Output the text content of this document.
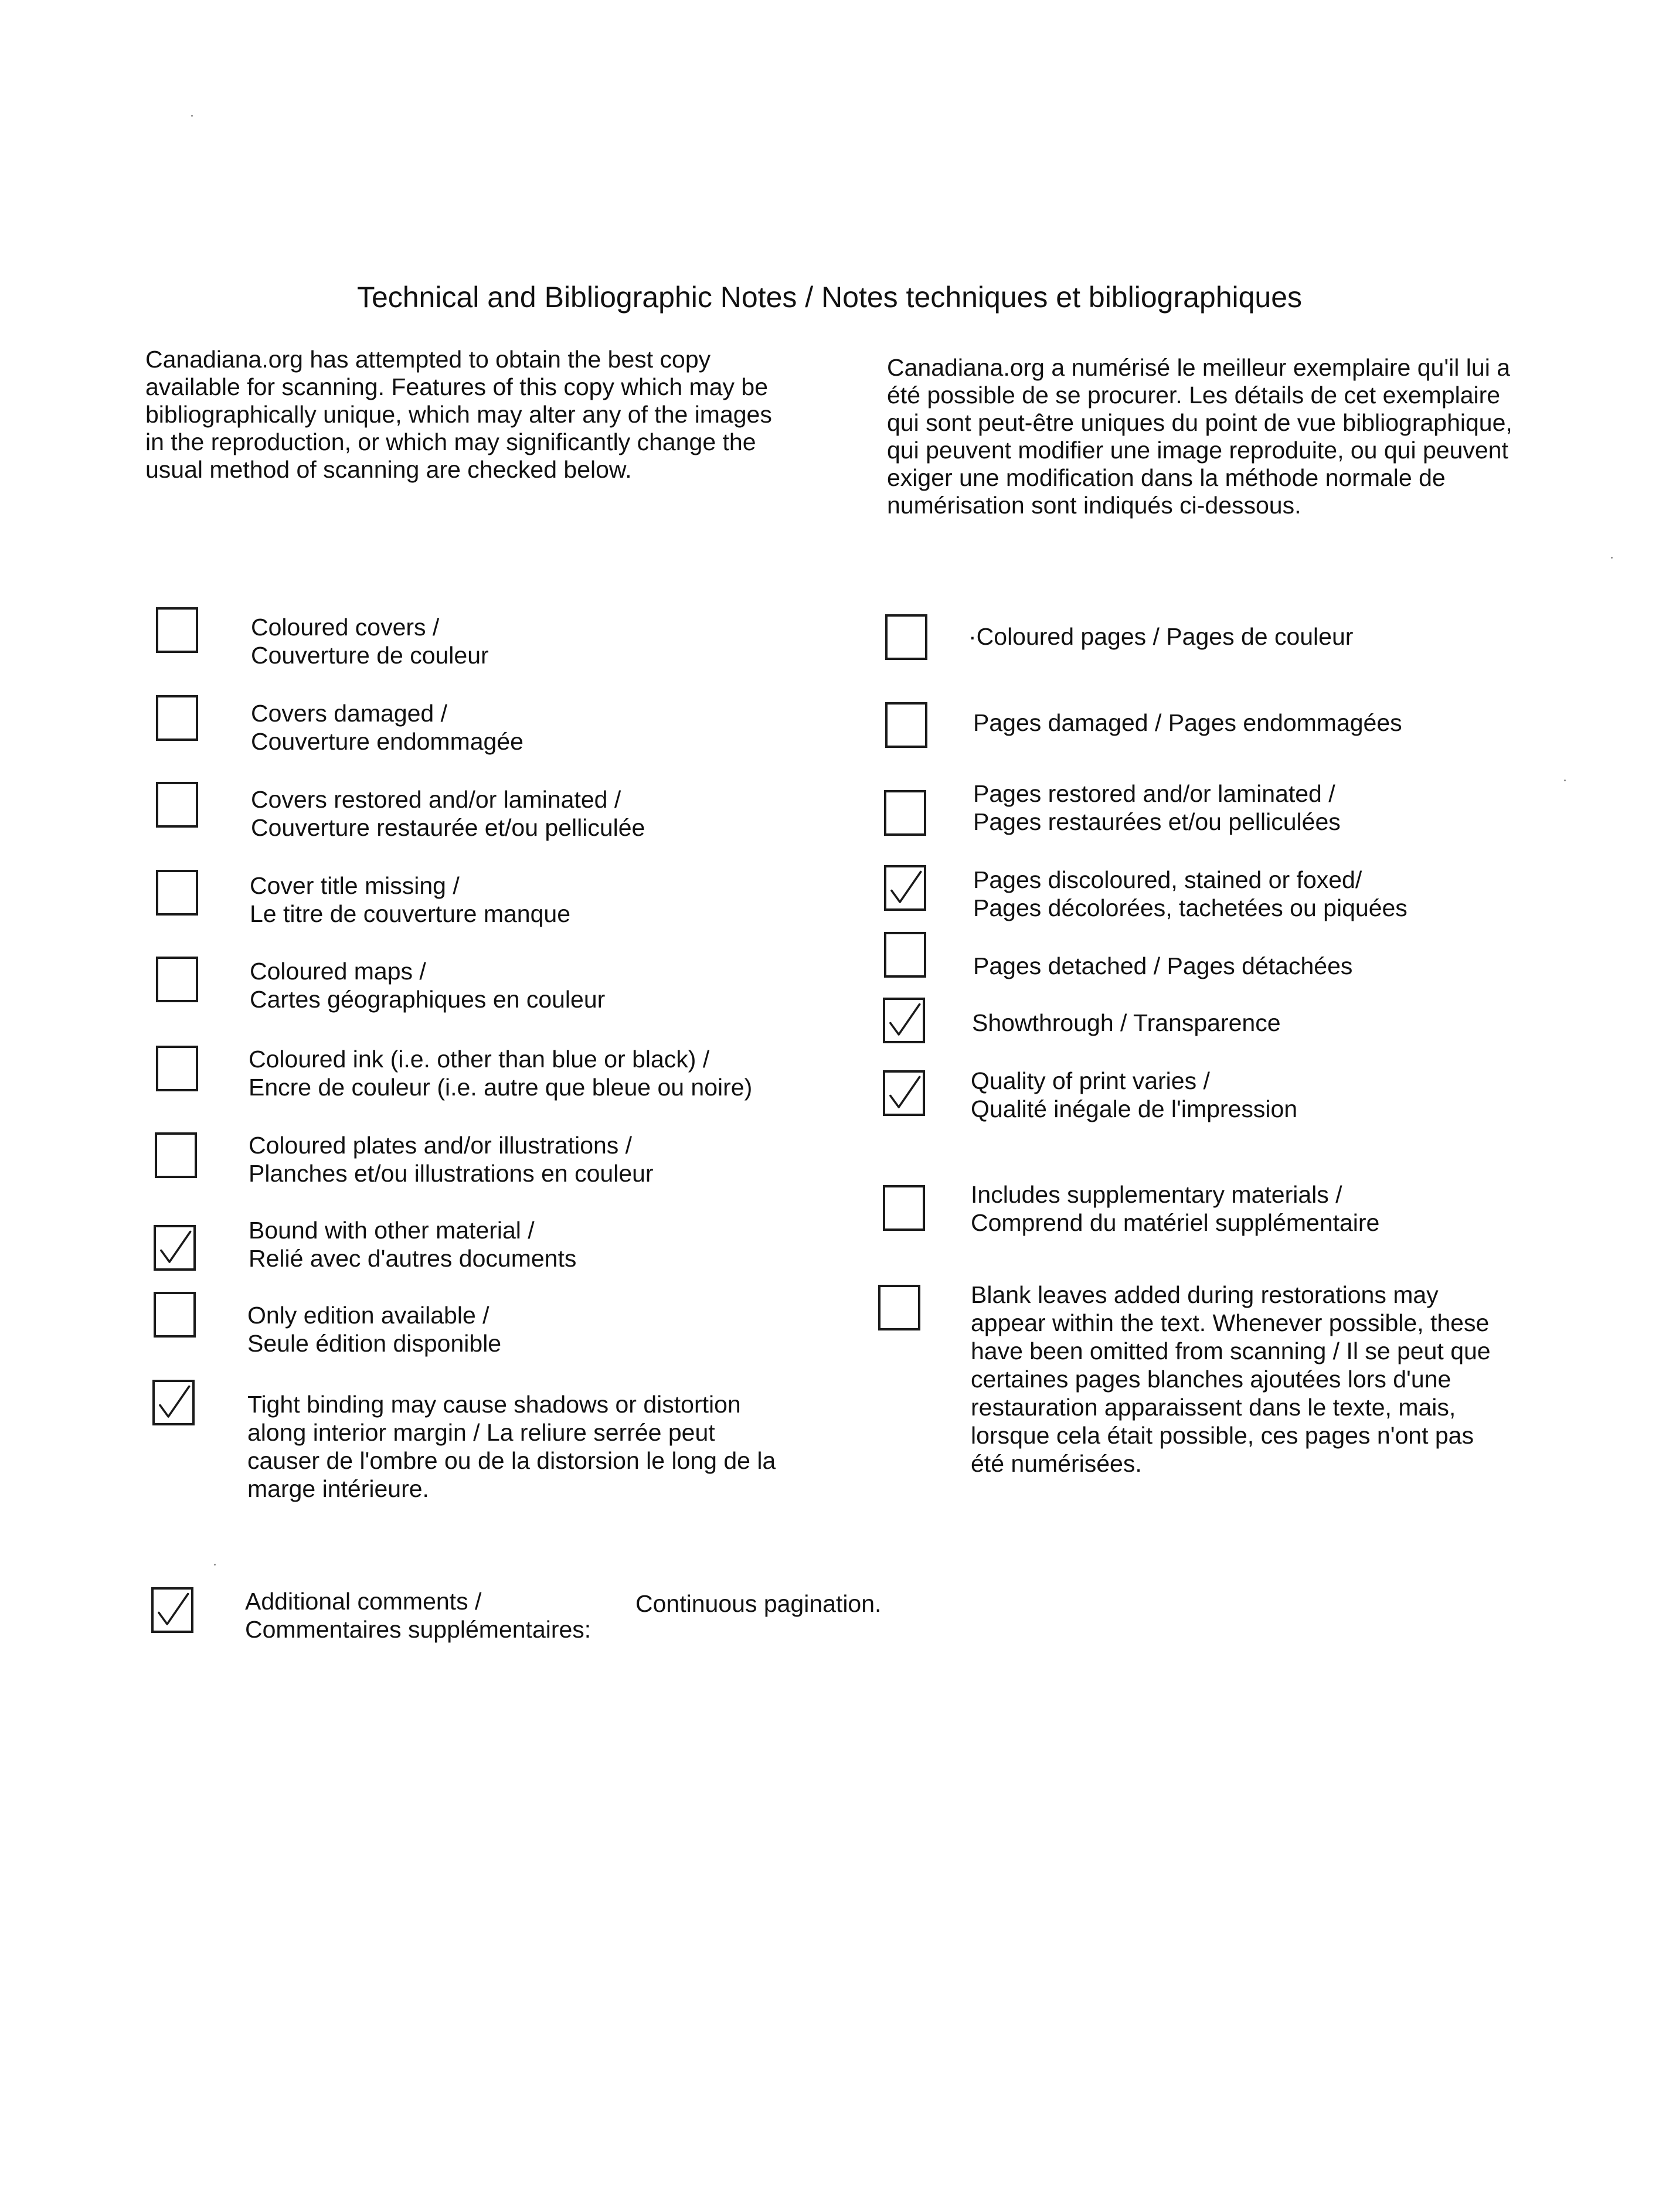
Technical and Bibliographic Notes / Notes techniques et bibliographiques
Canadiana.org has attempted to obtain the best copy
available for scanning. Features of this copy which may be
bibliographically unique, which may alter any of the images
in the reproduction, or which may significantly change the
usual method of scanning are checked below.
Canadiana.org a numérisé le meilleur exemplaire qu'il lui a
été possible de se procurer. Les détails de cet exemplaire
qui sont peut-être uniques du point de vue bibliographique,
qui peuvent modifier une image reproduite, ou qui peuvent
exiger une modification dans la méthode normale de
numérisation sont indiqués ci-dessous.
Coloured covers /
Couverture de couleur
Covers damaged /
Couverture endommagée
Covers restored and/or laminated /
Couverture restaurée et/ou pelliculée
Cover title missing /
Le titre de couverture manque
Coloured maps /
Cartes géographiques en couleur
Coloured ink (i.e. other than blue or black) /
Encre de couleur (i.e. autre que bleue ou noire)
Coloured plates and/or illustrations /
Planches et/ou illustrations en couleur
Bound with other material /
Relié avec d'autres documents
Only edition available /
Seule édition disponible
Tight binding may cause shadows or distortion
along interior margin / La reliure serrée peut
causer de l'ombre ou de la distorsion le long de la
marge intérieure.
·Coloured pages / Pages de couleur
Pages damaged / Pages endommagées
Pages restored and/or laminated /
Pages restaurées et/ou pelliculées
Pages discoloured, stained or foxed/
Pages décolorées, tachetées ou piquées
Pages detached / Pages détachées
Showthrough / Transparence
Quality of print varies /
Qualité inégale de l'impression
Includes supplementary materials /
Comprend du matériel supplémentaire
Blank leaves added during restorations may
appear within the text. Whenever possible, these
have been omitted from scanning / Il se peut que
certaines pages blanches ajoutées lors d'une
restauration apparaissent dans le texte, mais,
lorsque cela était possible, ces pages n'ont pas
été numérisées.
Additional comments /
Commentaires supplémentaires:
Continuous pagination.
